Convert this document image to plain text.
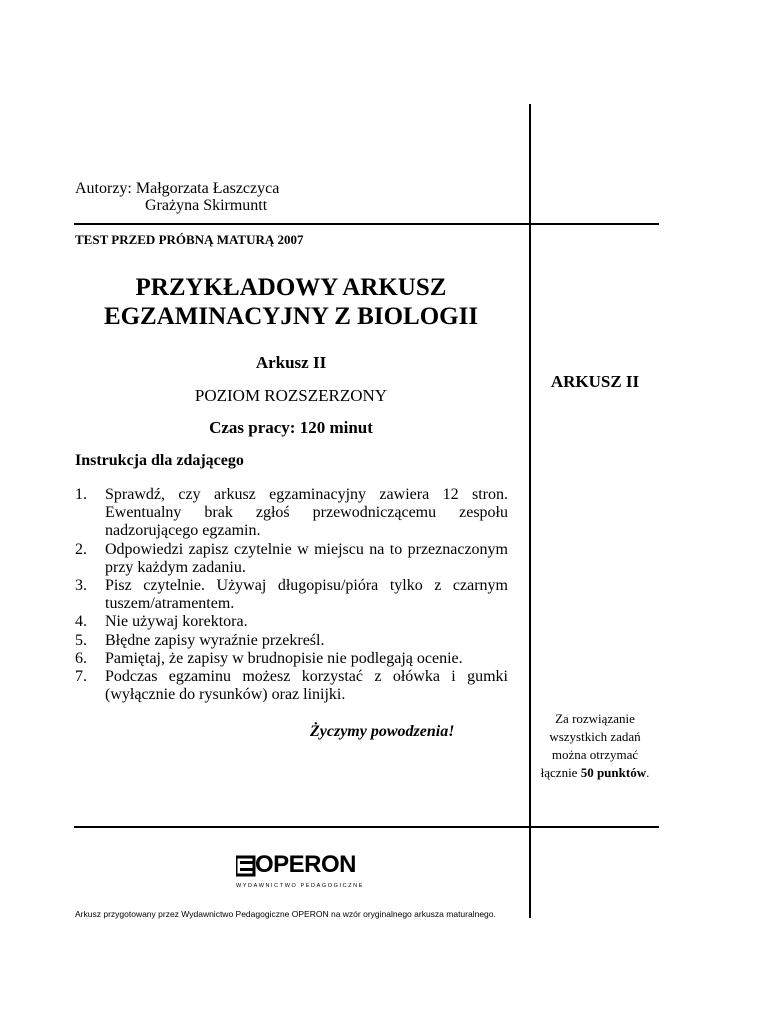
Autorzy: Małgorzata Łaszczyca
Grażyna Skirmuntt
TEST PRZED PRÓBNĄ MATURĄ 2007
PRZYKŁADOWY ARKUSZ
EGZAMINACYJNY Z BIOLOGII
Arkusz II
POZIOM ROZSZERZONY
Czas pracy: 120 minut
Instrukcja dla zdającego
1. Sprawdź, czy arkusz egzaminacyjny zawiera 12 stron. Ewentualny brak zgłoś przewodniczącemu zespołu nadzorującego egzamin.
2. Odpowiedzi zapisz czytelnie w miejscu na to przeznaczonym przy każdym zadaniu.
3. Pisz czytelnie. Używaj długopisu/pióra tylko z czarnym tuszem/atramentem.
4. Nie używaj korektora.
5. Błędne zapisy wyraźnie przekreśl.
6. Pamiętaj, że zapisy w brudnopisie nie podlegają ocenie.
7. Podczas egzaminu możesz korzystać z ołówka i gumki (wyłącznie do rysunków) oraz linijki.
Życzymy powodzenia!
ARKUSZ II
Za rozwiązanie
wszystkich zadań
można otrzymać
łącznie 50 punktów.
OPERON
WYDAWNICTWO PEDAGOGICZNE
Arkusz przygotowany przez Wydawnictwo Pedagogiczne OPERON na wzór oryginalnego arkusza maturalnego.
